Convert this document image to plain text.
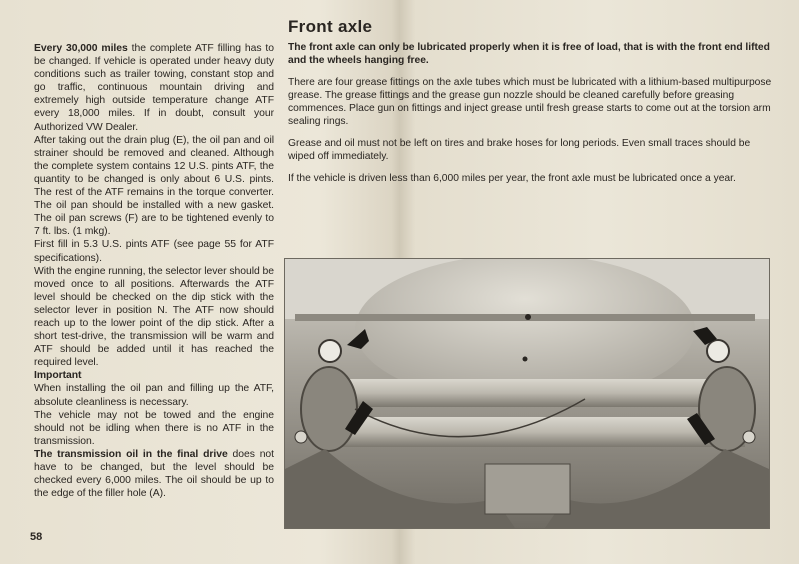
Every 30,000 miles the complete ATF filling has to be changed. If vehicle is operated under heavy duty conditions such as trailer towing, constant stop and go traffic, continuous mountain driving and extremely high outside temperature change ATF every 18,000 miles. If in doubt, consult your Authorized VW Dealer.

After taking out the drain plug (E), the oil pan and oil strainer should be removed and cleaned. Although the complete system contains 12 U.S. pints ATF, the quantity to be changed is only about 6 U.S. pints. The rest of the ATF remains in the torque converter. The oil pan should be installed with a new gasket. The oil pan screws (F) are to be tightened evenly to 7 ft. lbs. (1 mkg).

First fill in 5.3 U.S. pints ATF (see page 55 for ATF specifications).

With the engine running, the selector lever should be moved once to all positions. Afterwards the ATF level should be checked on the dip stick with the selector lever in position N. The ATF now should reach up to the lower point of the dip stick. After a short test-drive, the transmission will be warm and ATF should be added until it has reached the required level.

Important

When installing the oil pan and filling up the ATF, absolute cleanliness is necessary.

The vehicle may not be towed and the engine should not be idling when there is no ATF in the transmission.

The transmission oil in the final drive does not have to be changed, but the level should be checked every 6,000 miles. The oil should be up to the edge of the filler hole (A).

58
Front axle

The front axle can only be lubricated properly when it is free of load, that is with the front end lifted and the wheels hanging free.

There are four grease fittings on the axle tubes which must be lubricated with a lithium-based multipurpose grease. The grease fittings and the grease gun nozzle should be cleaned carefully before greasing commences. Place gun on fittings and inject grease until fresh grease starts to come out at the torsion arm sealing rings.

Grease and oil must not be left on tires and brake hoses for long periods. Even small traces should be wiped off immediately.

If the vehicle is driven less than 6,000 miles per year, the front axle must be lubricated once a year.
